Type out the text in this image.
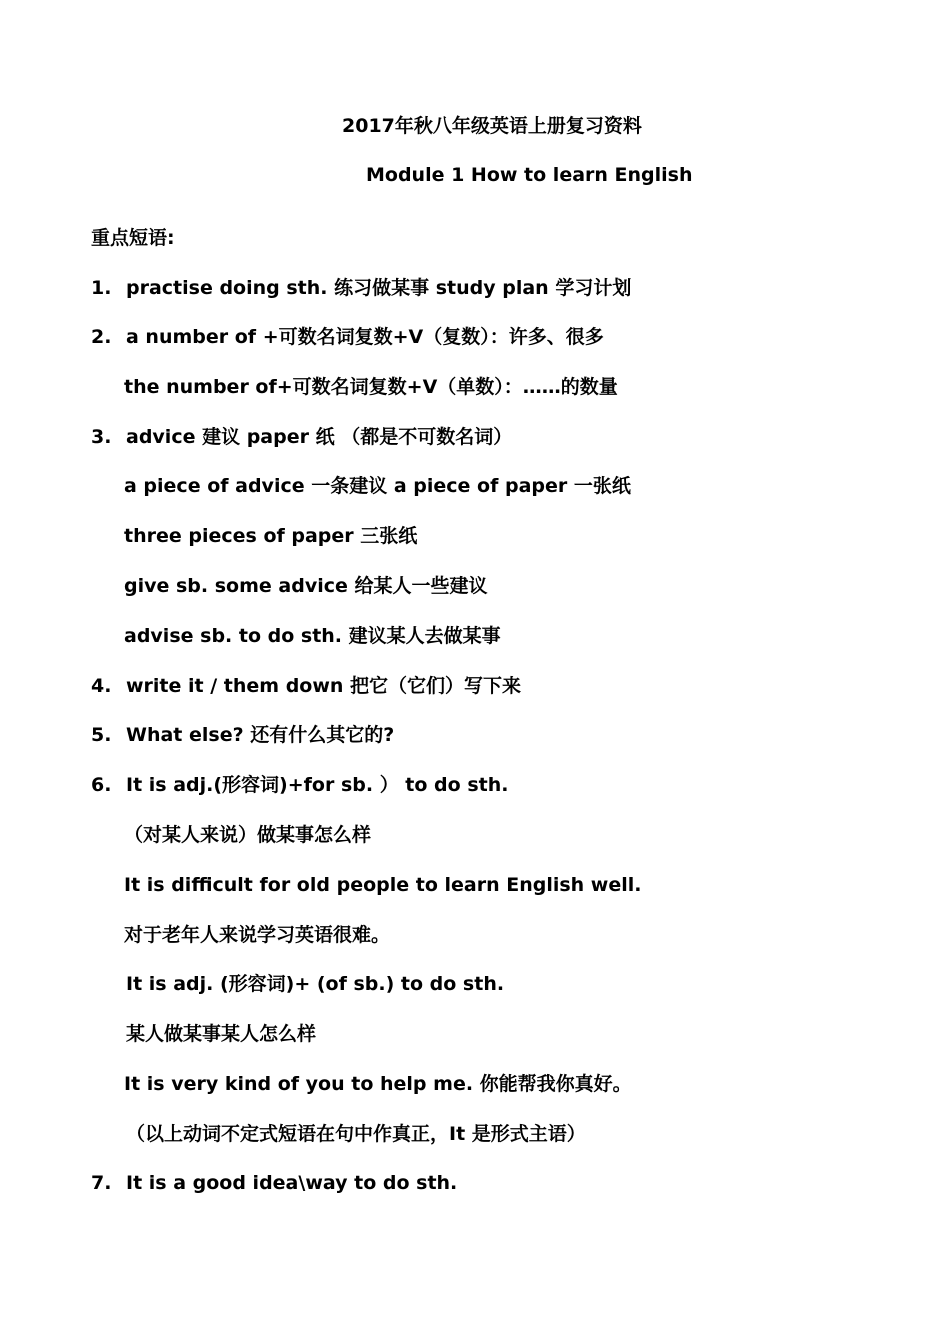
2017年秋八年级英语上册复习资料
Module 1 How to learn English
重点短语:
1. practise doing sth. 练习做某事 study plan 学习计划
2. a number of +可数名词复数+V（复数）：许多、很多
the number of+可数名词复数+V（单数）：……的数量
3. advice 建议 paper 纸 （都是不可数名词）
a piece of advice 一条建议 a piece of paper 一张纸
three pieces of paper 三张纸
give sb. some advice 给某人一些建议
advise sb. to do sth. 建议某人去做某事
4. write it / them down 把它（它们）写下来
5. What else? 还有什么其它的?
6. It is adj.(形容词)+for sb. ） to do sth.
（对某人来说）做某事怎么样
It is difficult for old people to learn English well.
对于老年人来说学习英语很难。
It is adj. (形容词)+ (of sb.) to do sth.
某人做某事某人怎么样
It is very kind of you to help me. 你能帮我你真好。
（以上动词不定式短语在句中作真正，It 是形式主语）
7. It is a good idea\way to do sth.
